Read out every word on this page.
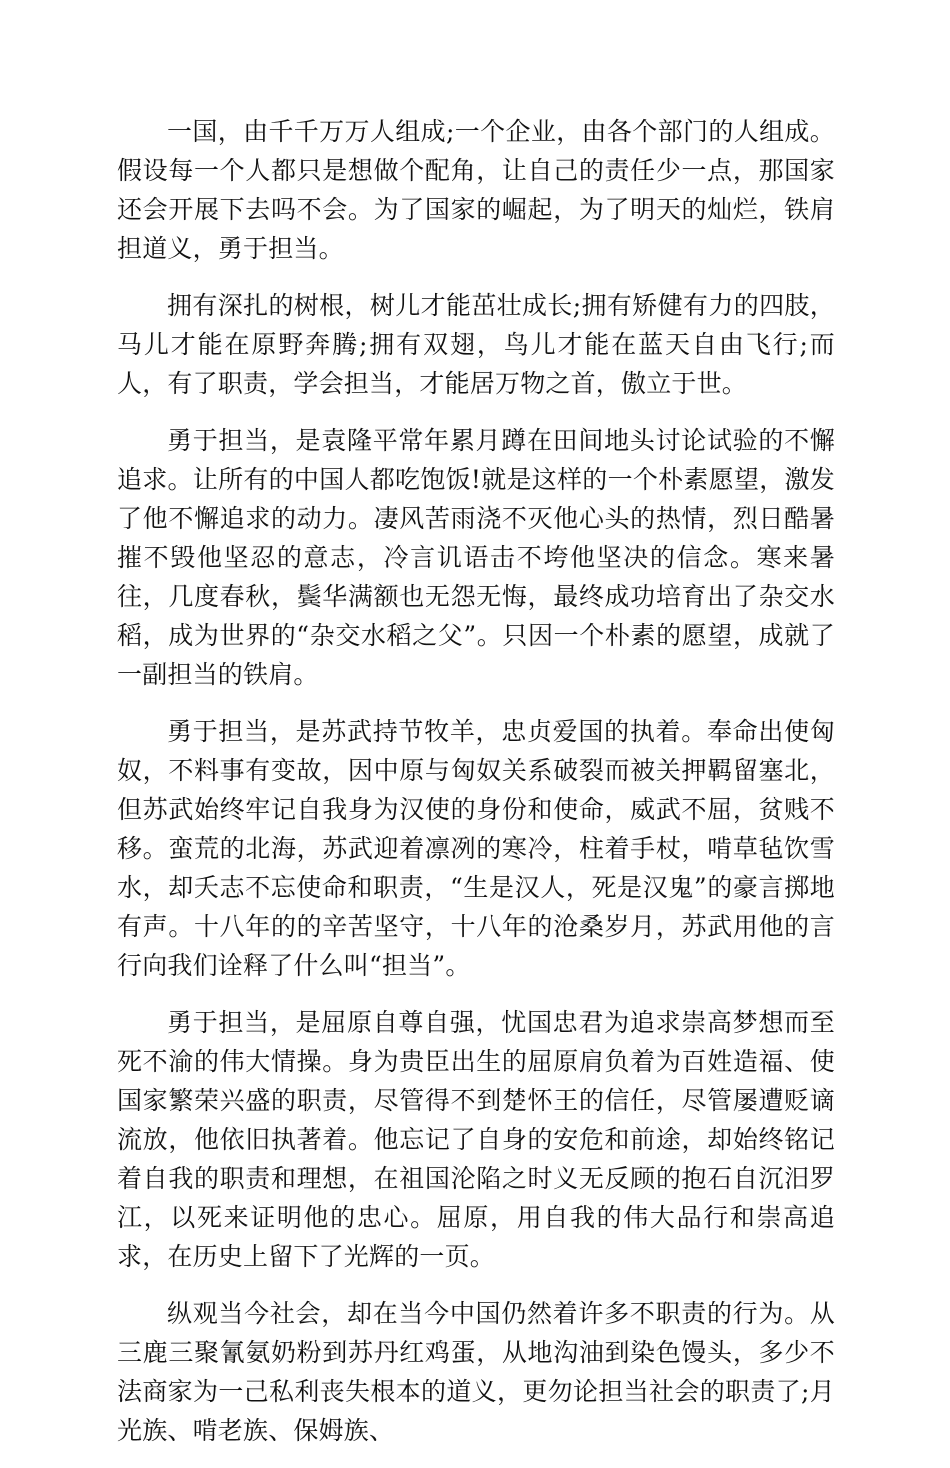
一国，由千千万万人组成;一个企业，由各个部门的人组成。假设每一个人都只是想做个配角，让自己的责任少一点，那国家还会开展下去吗不会。为了国家的崛起，为了明天的灿烂，铁肩担道义，勇于担当。

拥有深扎的树根，树儿才能茁壮成长;拥有矫健有力的四肢，马儿才能在原野奔腾;拥有双翅，鸟儿才能在蓝天自由飞行;而人，有了职责，学会担当，才能居万物之首，傲立于世。

勇于担当，是袁隆平常年累月蹲在田间地头讨论试验的不懈追求。让所有的中国人都吃饱饭!就是这样的一个朴素愿望，激发了他不懈追求的动力。凄风苦雨浇不灭他心头的热情，烈日酷暑摧不毁他坚忍的意志，冷言讥语击不垮他坚决的信念。寒来暑往，几度春秋，鬓华满额也无怨无悔，最终成功培育出了杂交水稻，成为世界的“杂交水稻之父”。只因一个朴素的愿望，成就了一副担当的铁肩。

勇于担当，是苏武持节牧羊，忠贞爱国的执着。奉命出使匈奴，不料事有变故，因中原与匈奴关系破裂而被关押羁留塞北，但苏武始终牢记自我身为汉使的身份和使命，威武不屈，贫贱不移。蛮荒的北海，苏武迎着凛冽的寒冷，柱着手杖，啃草毡饮雪水，却夭志不忘使命和职责，“生是汉人，死是汉鬼”的豪言掷地有声。十八年的的辛苦坚守，十八年的沧桑岁月，苏武用他的言行向我们诠释了什么叫“担当”。

勇于担当，是屈原自尊自强，忧国忠君为追求崇高梦想而至死不渝的伟大情操。身为贵臣出生的屈原肩负着为百姓造福、使国家繁荣兴盛的职责，尽管得不到楚怀王的信任，尽管屡遭贬谪流放，他依旧执著着。他忘记了自身的安危和前途，却始终铭记着自我的职责和理想，在祖国沦陷之时义无反顾的抱石自沉汨罗江，以死来证明他的忠心。屈原，用自我的伟大品行和崇高追求，在历史上留下了光辉的一页。

纵观当今社会，却在当今中国仍然着许多不职责的行为。从三鹿三聚氰氨奶粉到苏丹红鸡蛋，从地沟油到染色馒头，多少不法商家为一己私利丧失根本的道义，更勿论担当社会的职责了;月光族、啃老族、保姆族、
